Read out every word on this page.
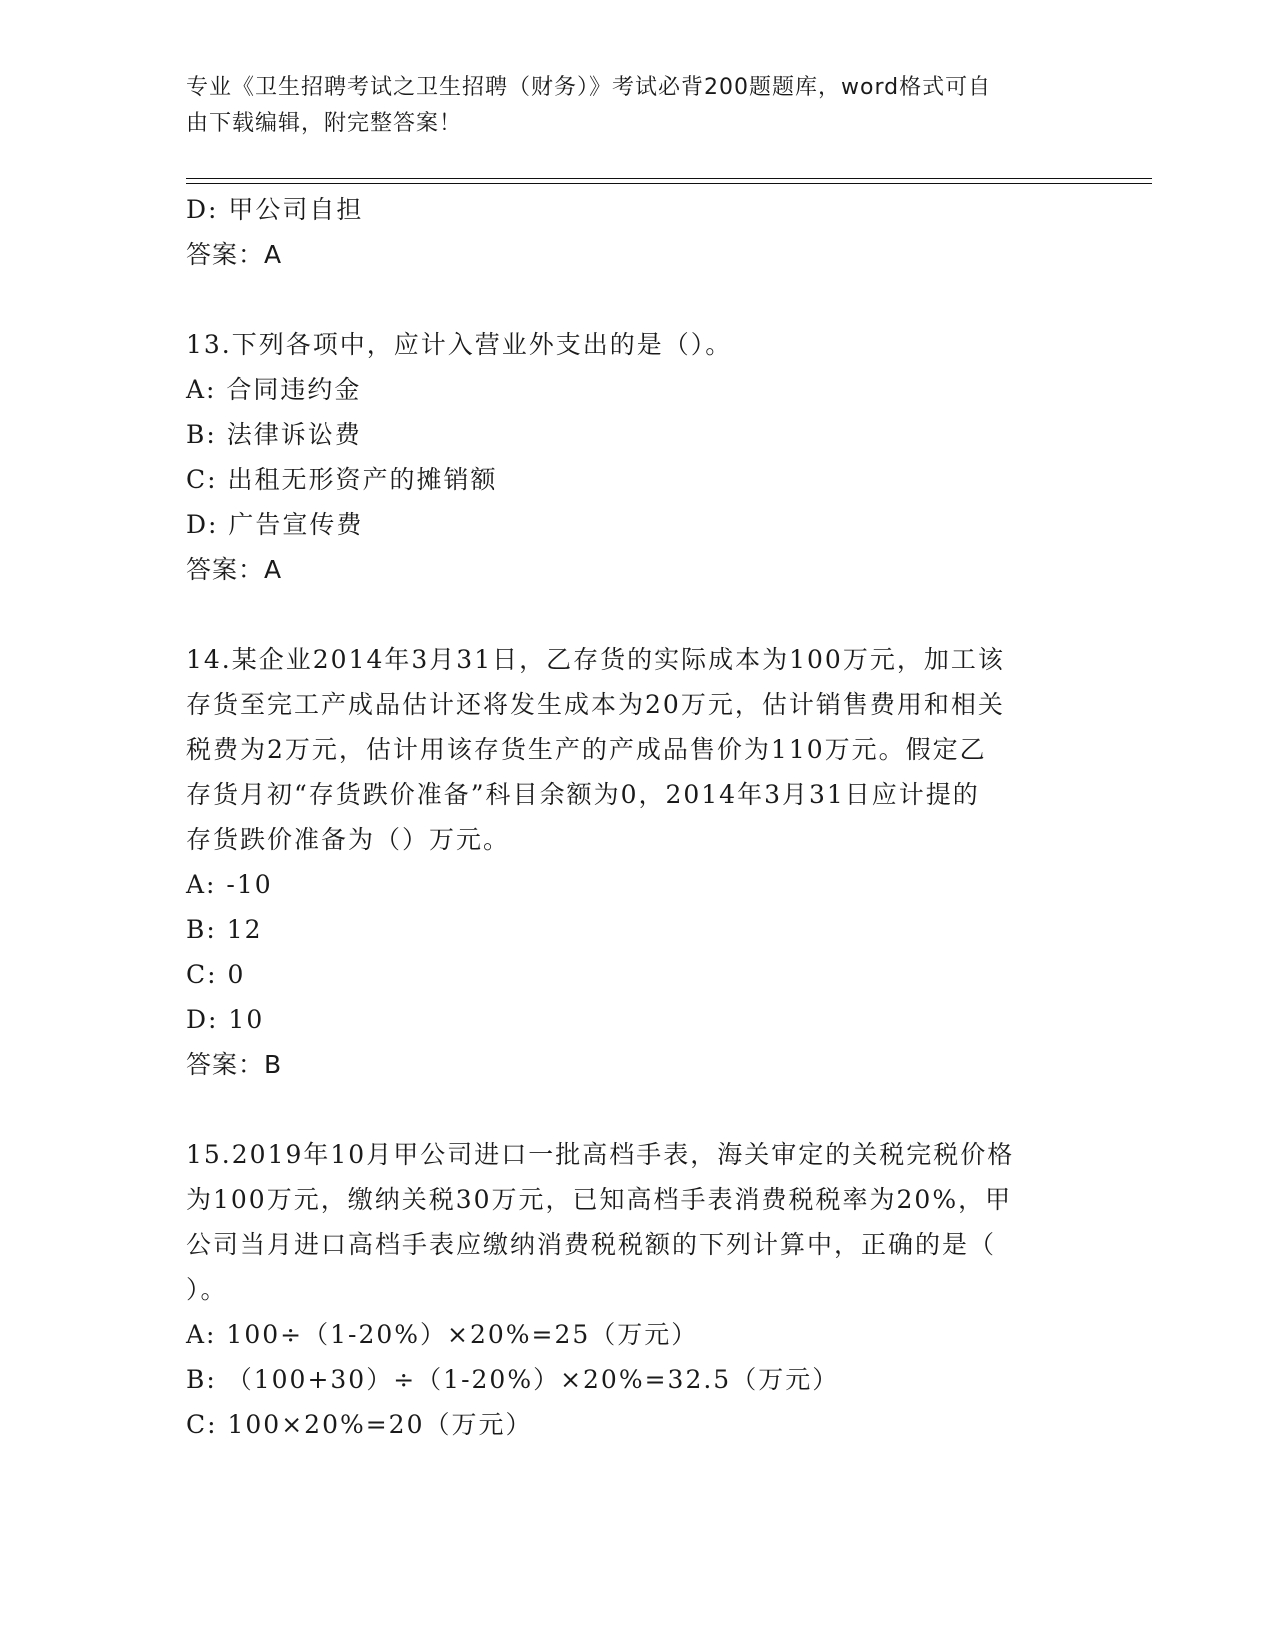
专业《卫生招聘考试之卫生招聘（财务）》考试必背200题题库，word格式可自
由下载编辑，附完整答案！

D: 甲公司自担

答案：A

13.下列各项中，应计入营业外支出的是（）。

A: 合同违约金

B: 法律诉讼费

C: 出租无形资产的摊销额

D: 广告宣传费

答案：A

14.某企业2014年3月31日，乙存货的实际成本为100万元，加工该

存货至完工产成品估计还将发生成本为20万元，估计销售费用和相关

税费为2万元，估计用该存货生产的产成品售价为110万元。假定乙

存货月初“存货跌价准备”科目余额为0，2014年3月31日应计提的

存货跌价准备为（）万元。

A: -10

B: 12

C: 0

D: 10

答案：B

15.2019年10月甲公司进口一批高档手表，海关审定的关税完税价格

为100万元，缴纳关税30万元，已知高档手表消费税税率为20%，甲

公司当月进口高档手表应缴纳消费税税额的下列计算中，正确的是（

）。

A: 100÷（1-20%）×20%=25（万元）

B: （100+30）÷（1-20%）×20%=32.5（万元）

C: 100×20%=20（万元）
